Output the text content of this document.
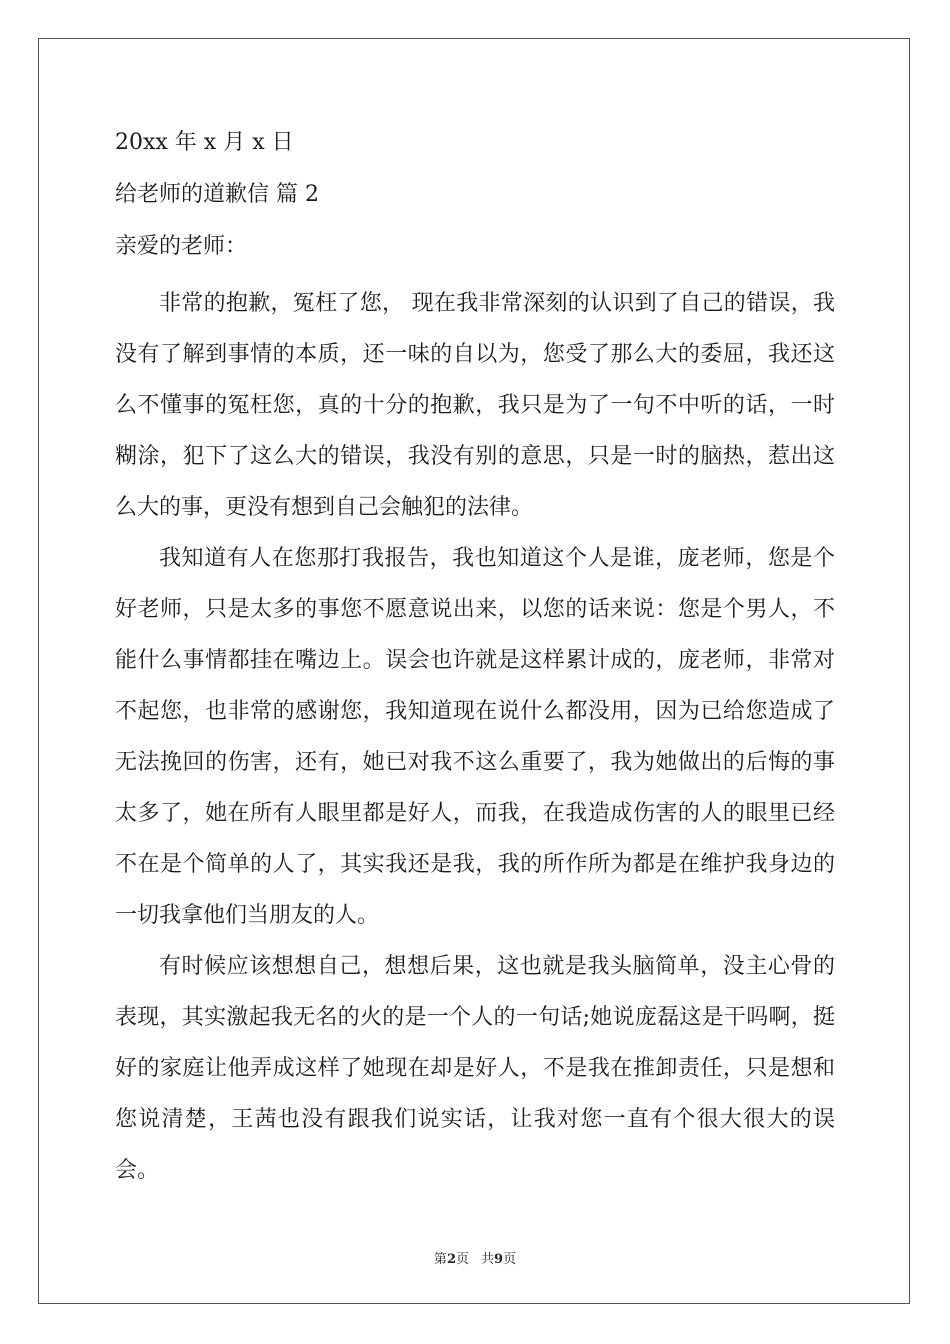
20xx 年 x 月 x 日

给老师的道歉信 篇 2

亲爱的老师：

非常的抱歉，冤枉了您， 现在我非常深刻的认识到了自己的错误，我没有了解到事情的本质，还一味的自以为，您受了那么大的委屈，我还这么不懂事的冤枉您，真的十分的抱歉，我只是为了一句不中听的话，一时糊涂，犯下了这么大的错误，我没有别的意思，只是一时的脑热，惹出这么大的事，更没有想到自己会触犯的法律。

我知道有人在您那打我报告，我也知道这个人是谁，庞老师，您是个好老师，只是太多的事您不愿意说出来，以您的话来说：您是个男人，不能什么事情都挂在嘴边上。误会也许就是这样累计成的，庞老师，非常对不起您，也非常的感谢您，我知道现在说什么都没用，因为已给您造成了无法挽回的伤害，还有，她已对我不这么重要了，我为她做出的后悔的事太多了，她在所有人眼里都是好人，而我，在我造成伤害的人的眼里已经不在是个简单的人了，其实我还是我，我的所作所为都是在维护我身边的一切我拿他们当朋友的人。

有时候应该想想自己，想想后果，这也就是我头脑简单，没主心骨的表现，其实激起我无名的火的是一个人的一句话;她说庞磊这是干吗啊，挺好的家庭让他弄成这样了她现在却是好人，不是我在推卸责任，只是想和您说清楚，王茜也没有跟我们说实话，让我对您一直有个很大很大的误会。

第2页 共9页
